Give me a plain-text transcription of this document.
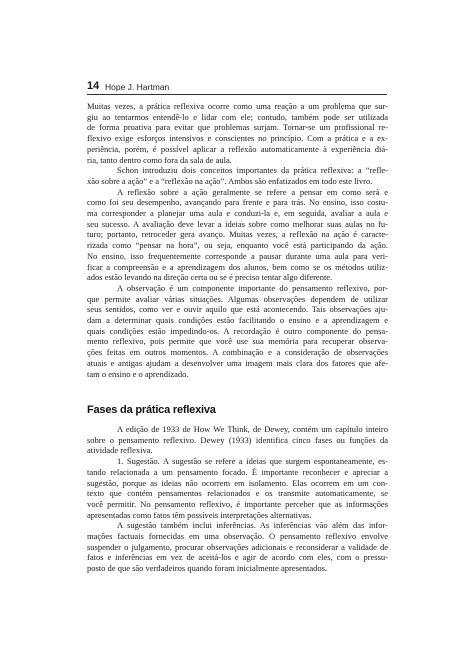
14 Hope J. Hartman

Muitas vezes, a prática reflexiva ocorre como uma reação a um problema que sur-
giu ao tentarmos entendê-lo e lidar com ele; contudo, também pode ser utilizada
de forma proativa para evitar que problemas surjam. Tornar-se um profissional re-
flexivo exige esforços intensivos e conscientes no princípio. Com a prática e a ex-
periência, porém, é possível aplicar a reflexão automaticamente à experiência diá-
ria, tanto dentro como fora da sala de aula.

Schon introduziu dois conceitos importantes da prática reflexiva: a “refle-
xão sobre a ação” e a “reflexão na ação”. Ambos são enfatizados em todo este livro.

A reflexão sobre a ação geralmente se refere a pensar em como será e
como foi seu desempenho, avançando para frente e para trás. No ensino, isso costu-
ma corresponder a planejar uma aula e conduzi-la e, em seguida, avaliar a aula e
seu sucesso. A avaliação deve levar a ideias sobre como melhorar suas aulas no fu-
turo; portanto, retroceder gera avanço. Muitas vezes, a reflexão na ação é caracte-
rizada como “pensar na hora”, ou seja, enquanto você está participando da ação.
No ensino, isso frequentemente corresponde a pausar durante uma aula para veri-
ficar a compreensão e a aprendizagem dos alunos, bem como se os métodos utiliz-
ados estão levando na direção certa ou se é preciso tentar algo diferente.

A observação é um componente importante do pensamento reflexivo, por-
que permite avaliar várias situações. Algumas observações dependem de utilizar
seus sentidos, como ver e ouvir aquilo que está acontecendo. Tais observações aju-
dam a determinar quais condições estão facilitando o ensino e a aprendizagem e
quais condições estão impedindo-os. A recordação é outro componente do pensa-
mento reflexivo, pois permite que você use sua memória para recuperar observa-
ções feitas em outros momentos. A combinação e a consideração de observações
atuais e antigas ajudam a desenvolver uma imagem mais clara dos fatores que afe-
tam o ensino e o aprendizado.

Fases da prática reflexiva

A edição de 1933 de How We Think, de Dewey, contém um capítulo inteiro
sobre o pensamento reflexivo. Dewey (1933) identifica cinco fases ou funções da
atividade reflexiva.

1. Sugestão. A sugestão se refere a ideias que surgem espontaneamente, es-
tando relacionada a um pensamento focado. É importante reconhecer e apreciar a
sugestão, porque as ideias não ocorrem em isolamento. Elas ocorrem em um con-
texto que contém pensamentos relacionados e os transmite automaticamente, se
você permitir. No pensamento reflexivo, é importante perceber que as informações
apresentadas como fatos têm possíveis interpretações alternativas.

A sugestão também inclui inferências. As inferências vão além das infor-
mações factuais fornecidas em uma observação. O pensamento reflexivo envolve
suspender o julgamento, procurar observações adicionais e reconsiderar a validade de
fatos e inferências em vez de aceitá-los e agir de acordo com eles, com o pressu-
posto de que são verdadeiros quando foram inicialmente apresentados.
